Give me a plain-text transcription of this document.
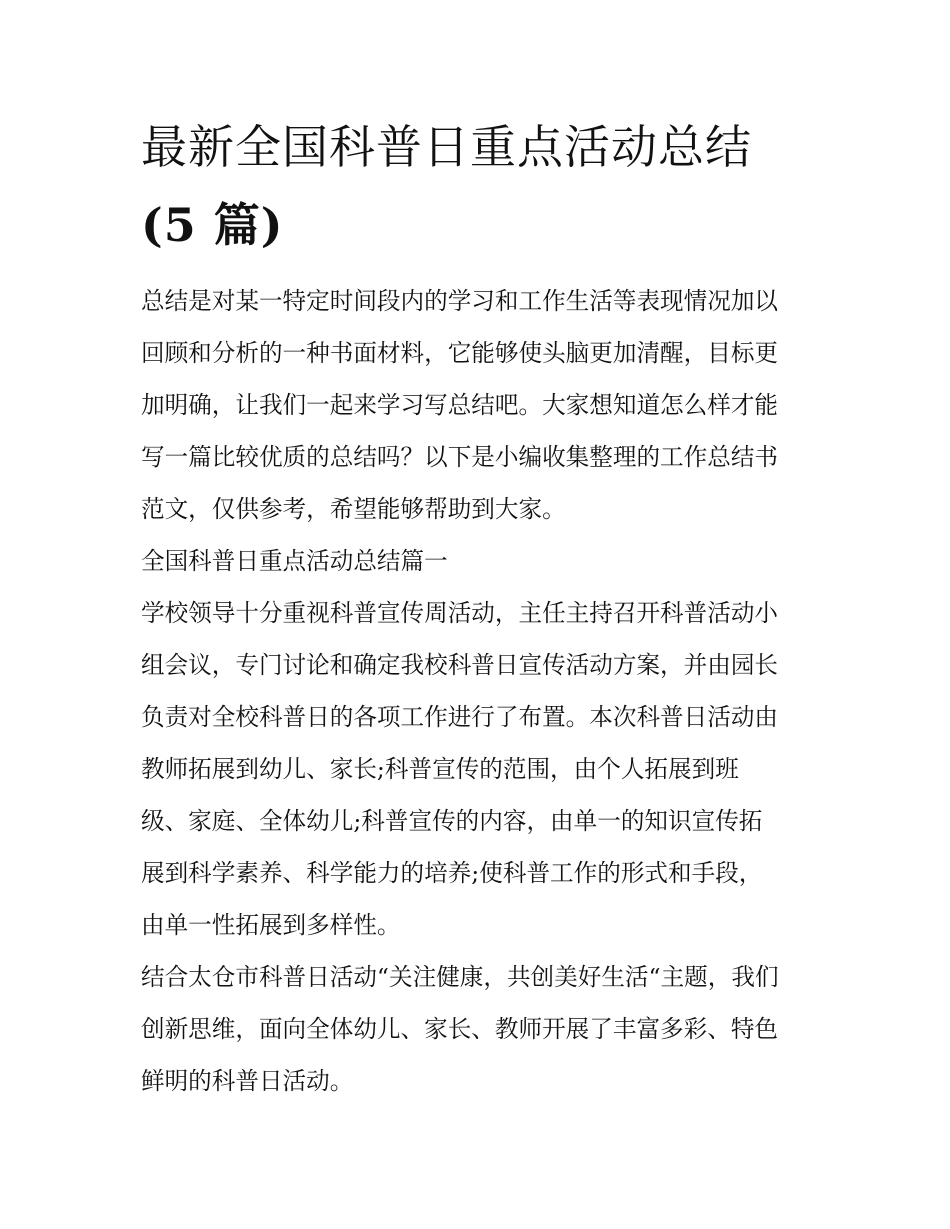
最新全国科普日重点活动总结
(5 篇)

总结是对某一特定时间段内的学习和工作生活等表现情况加以
回顾和分析的一种书面材料，它能够使头脑更加清醒，目标更
加明确，让我们一起来学习写总结吧。大家想知道怎么样才能
写一篇比较优质的总结吗？以下是小编收集整理的工作总结书
范文，仅供参考，希望能够帮助到大家。

全国科普日重点活动总结篇一

学校领导十分重视科普宣传周活动，主任主持召开科普活动小
组会议，专门讨论和确定我校科普日宣传活动方案，并由园长
负责对全校科普日的各项工作进行了布置。本次科普日活动由
教师拓展到幼儿、家长;科普宣传的范围，由个人拓展到班
级、家庭、全体幼儿;科普宣传的内容，由单一的知识宣传拓
展到科学素养、科学能力的培养;使科普工作的形式和手段，
由单一性拓展到多样性。

结合太仓市科普日活动“关注健康，共创美好生活“主题，我们
创新思维，面向全体幼儿、家长、教师开展了丰富多彩、特色
鲜明的科普日活动。
